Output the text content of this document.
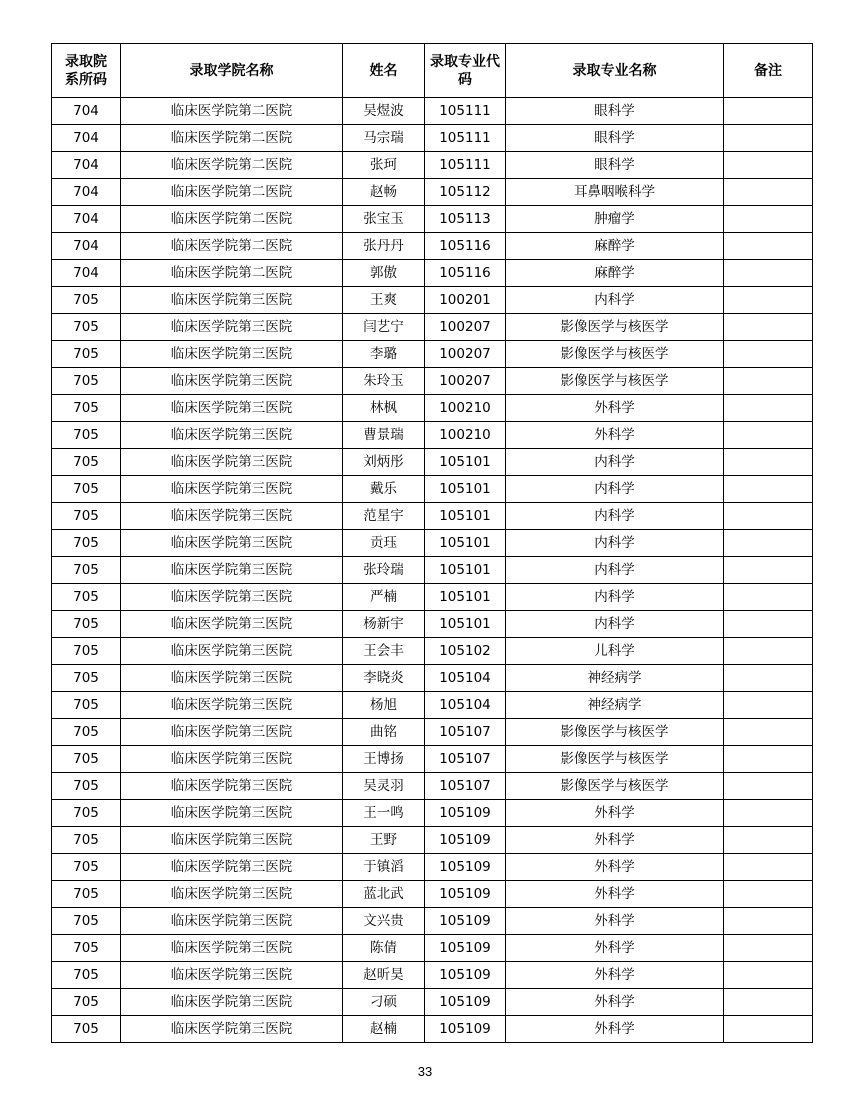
录取院系所码	录取学院名称	姓名	录取专业代码	录取专业名称	备注
704	临床医学院第二医院	吴煜波	105111	眼科学	
704	临床医学院第二医院	马宗瑞	105111	眼科学	
704	临床医学院第二医院	张珂	105111	眼科学	
704	临床医学院第二医院	赵畅	105112	耳鼻咽喉科学	
704	临床医学院第二医院	张宝玉	105113	肿瘤学	
704	临床医学院第二医院	张丹丹	105116	麻醉学	
704	临床医学院第二医院	郭傲	105116	麻醉学	
705	临床医学院第三医院	王爽	100201	内科学	
705	临床医学院第三医院	闫艺宁	100207	影像医学与核医学	
705	临床医学院第三医院	李璐	100207	影像医学与核医学	
705	临床医学院第三医院	朱玲玉	100207	影像医学与核医学	
705	临床医学院第三医院	林枫	100210	外科学	
705	临床医学院第三医院	曹景瑞	100210	外科学	
705	临床医学院第三医院	刘炳彤	105101	内科学	
705	临床医学院第三医院	戴乐	105101	内科学	
705	临床医学院第三医院	范星宇	105101	内科学	
705	临床医学院第三医院	贡珏	105101	内科学	
705	临床医学院第三医院	张玲瑞	105101	内科学	
705	临床医学院第三医院	严楠	105101	内科学	
705	临床医学院第三医院	杨新宇	105101	内科学	
705	临床医学院第三医院	王会丰	105102	儿科学	
705	临床医学院第三医院	李晓炎	105104	神经病学	
705	临床医学院第三医院	杨旭	105104	神经病学	
705	临床医学院第三医院	曲铭	105107	影像医学与核医学	
705	临床医学院第三医院	王博扬	105107	影像医学与核医学	
705	临床医学院第三医院	吴灵羽	105107	影像医学与核医学	
705	临床医学院第三医院	王一鸣	105109	外科学	
705	临床医学院第三医院	王野	105109	外科学	
705	临床医学院第三医院	于镇滔	105109	外科学	
705	临床医学院第三医院	蓝北武	105109	外科学	
705	临床医学院第三医院	文兴贵	105109	外科学	
705	临床医学院第三医院	陈倩	105109	外科学	
705	临床医学院第三医院	赵昕昊	105109	外科学	
705	临床医学院第三医院	刁硕	105109	外科学	
705	临床医学院第三医院	赵楠	105109	外科学	
33
